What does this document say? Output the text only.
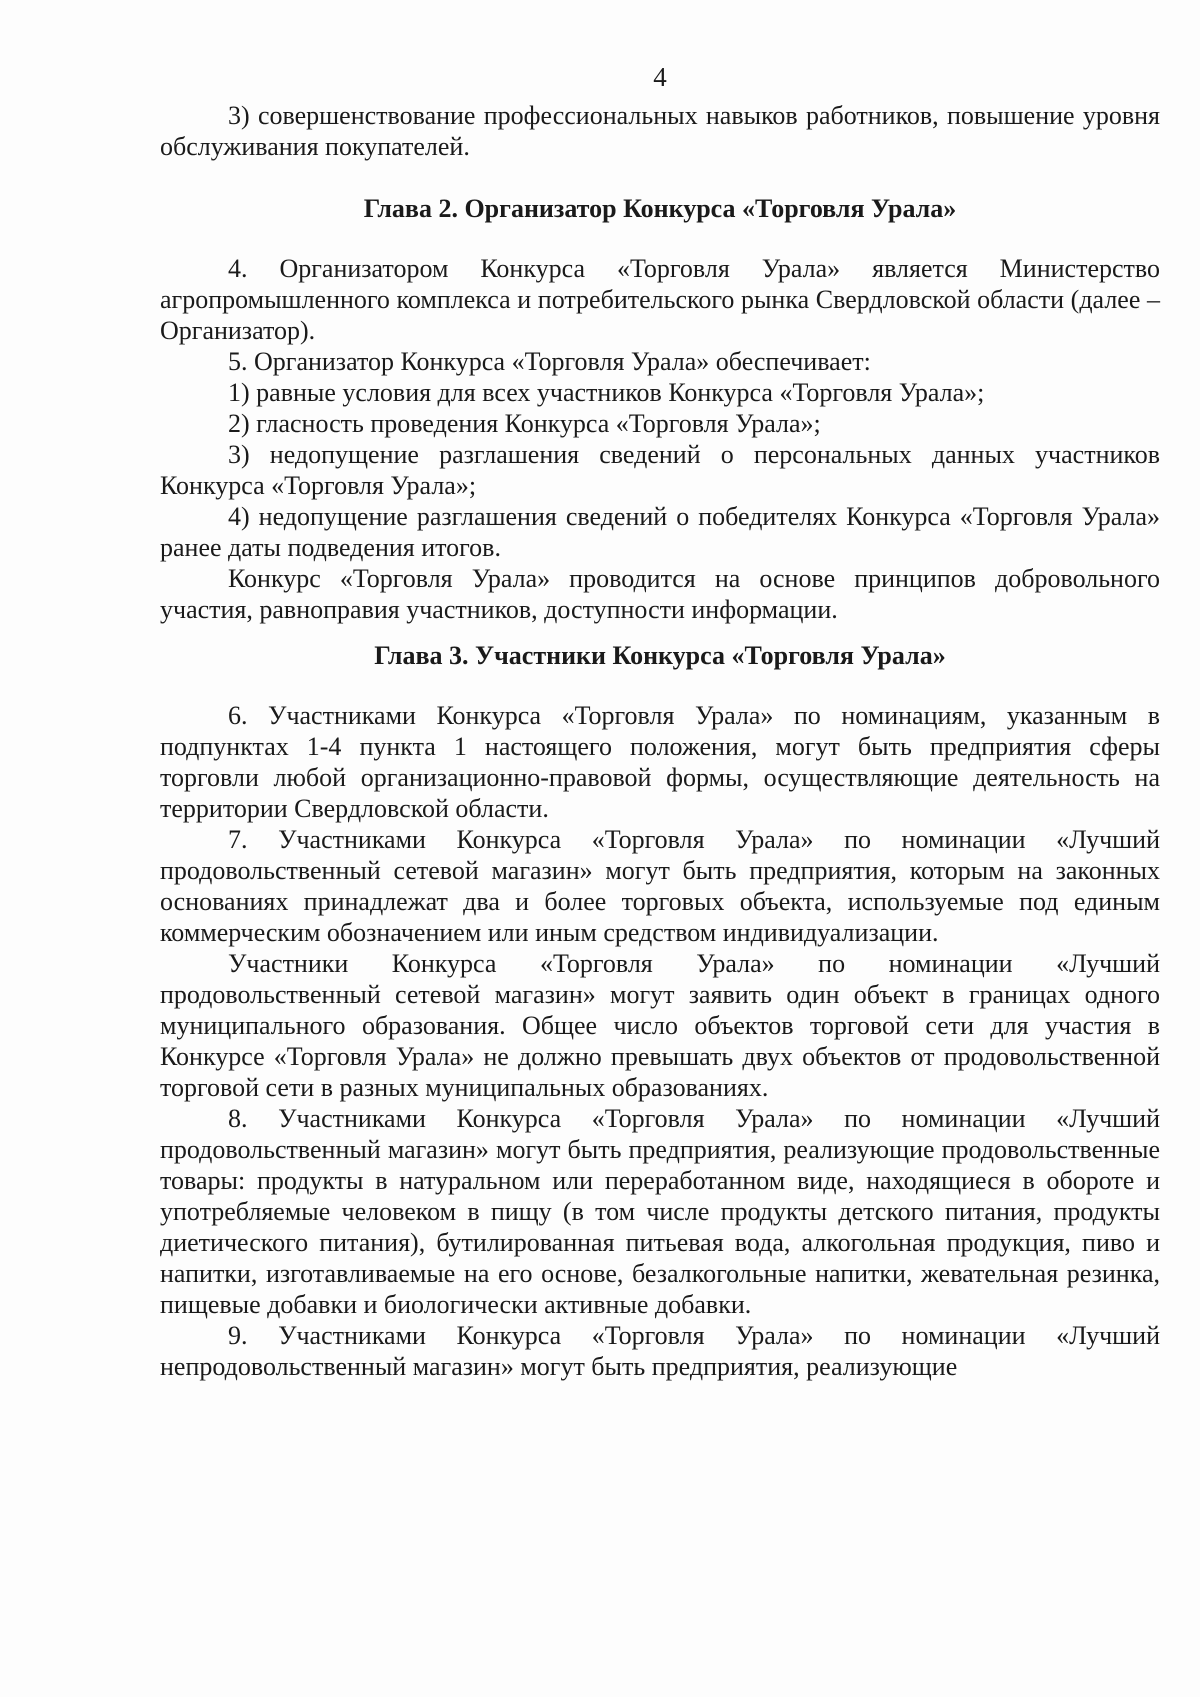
4

3) совершенствование профессиональных навыков работников, повышение уровня обслуживания покупателей.

Глава 2. Организатор Конкурса «Торговля Урала»

4. Организатором Конкурса «Торговля Урала» является Министерство агропромышленного комплекса и потребительского рынка Свердловской области (далее – Организатор).

5. Организатор Конкурса «Торговля Урала» обеспечивает:

1) равные условия для всех участников Конкурса «Торговля Урала»;

2) гласность проведения Конкурса «Торговля Урала»;

3) недопущение разглашения сведений о персональных данных участников Конкурса «Торговля Урала»;

4) недопущение разглашения сведений о победителях Конкурса «Торговля Урала» ранее даты подведения итогов.

Конкурс «Торговля Урала» проводится на основе принципов добровольного участия, равноправия участников, доступности информации.

Глава 3. Участники Конкурса «Торговля Урала»

6. Участниками Конкурса «Торговля Урала» по номинациям, указанным в подпунктах 1-4 пункта 1 настоящего положения, могут быть предприятия сферы торговли любой организационно-правовой формы, осуществляющие деятельность на территории Свердловской области.

7. Участниками Конкурса «Торговля Урала» по номинации «Лучший продовольственный сетевой магазин» могут быть предприятия, которым на законных основаниях принадлежат два и более торговых объекта, используемые под единым коммерческим обозначением или иным средством индивидуализации.

Участники Конкурса «Торговля Урала» по номинации «Лучший продовольственный сетевой магазин» могут заявить один объект в границах одного муниципального образования. Общее число объектов торговой сети для участия в Конкурсе «Торговля Урала» не должно превышать двух объектов от продовольственной торговой сети в разных муниципальных образованиях.

8. Участниками Конкурса «Торговля Урала» по номинации «Лучший продовольственный магазин» могут быть предприятия, реализующие продовольственные товары: продукты в натуральном или переработанном виде, находящиеся в обороте и употребляемые человеком в пищу (в том числе продукты детского питания, продукты диетического питания), бутилированная питьевая вода, алкогольная продукция, пиво и напитки, изготавливаемые на его основе, безалкогольные напитки, жевательная резинка, пищевые добавки и биологически активные добавки.

9. Участниками Конкурса «Торговля Урала» по номинации «Лучший непродовольственный магазин» могут быть предприятия, реализующие
